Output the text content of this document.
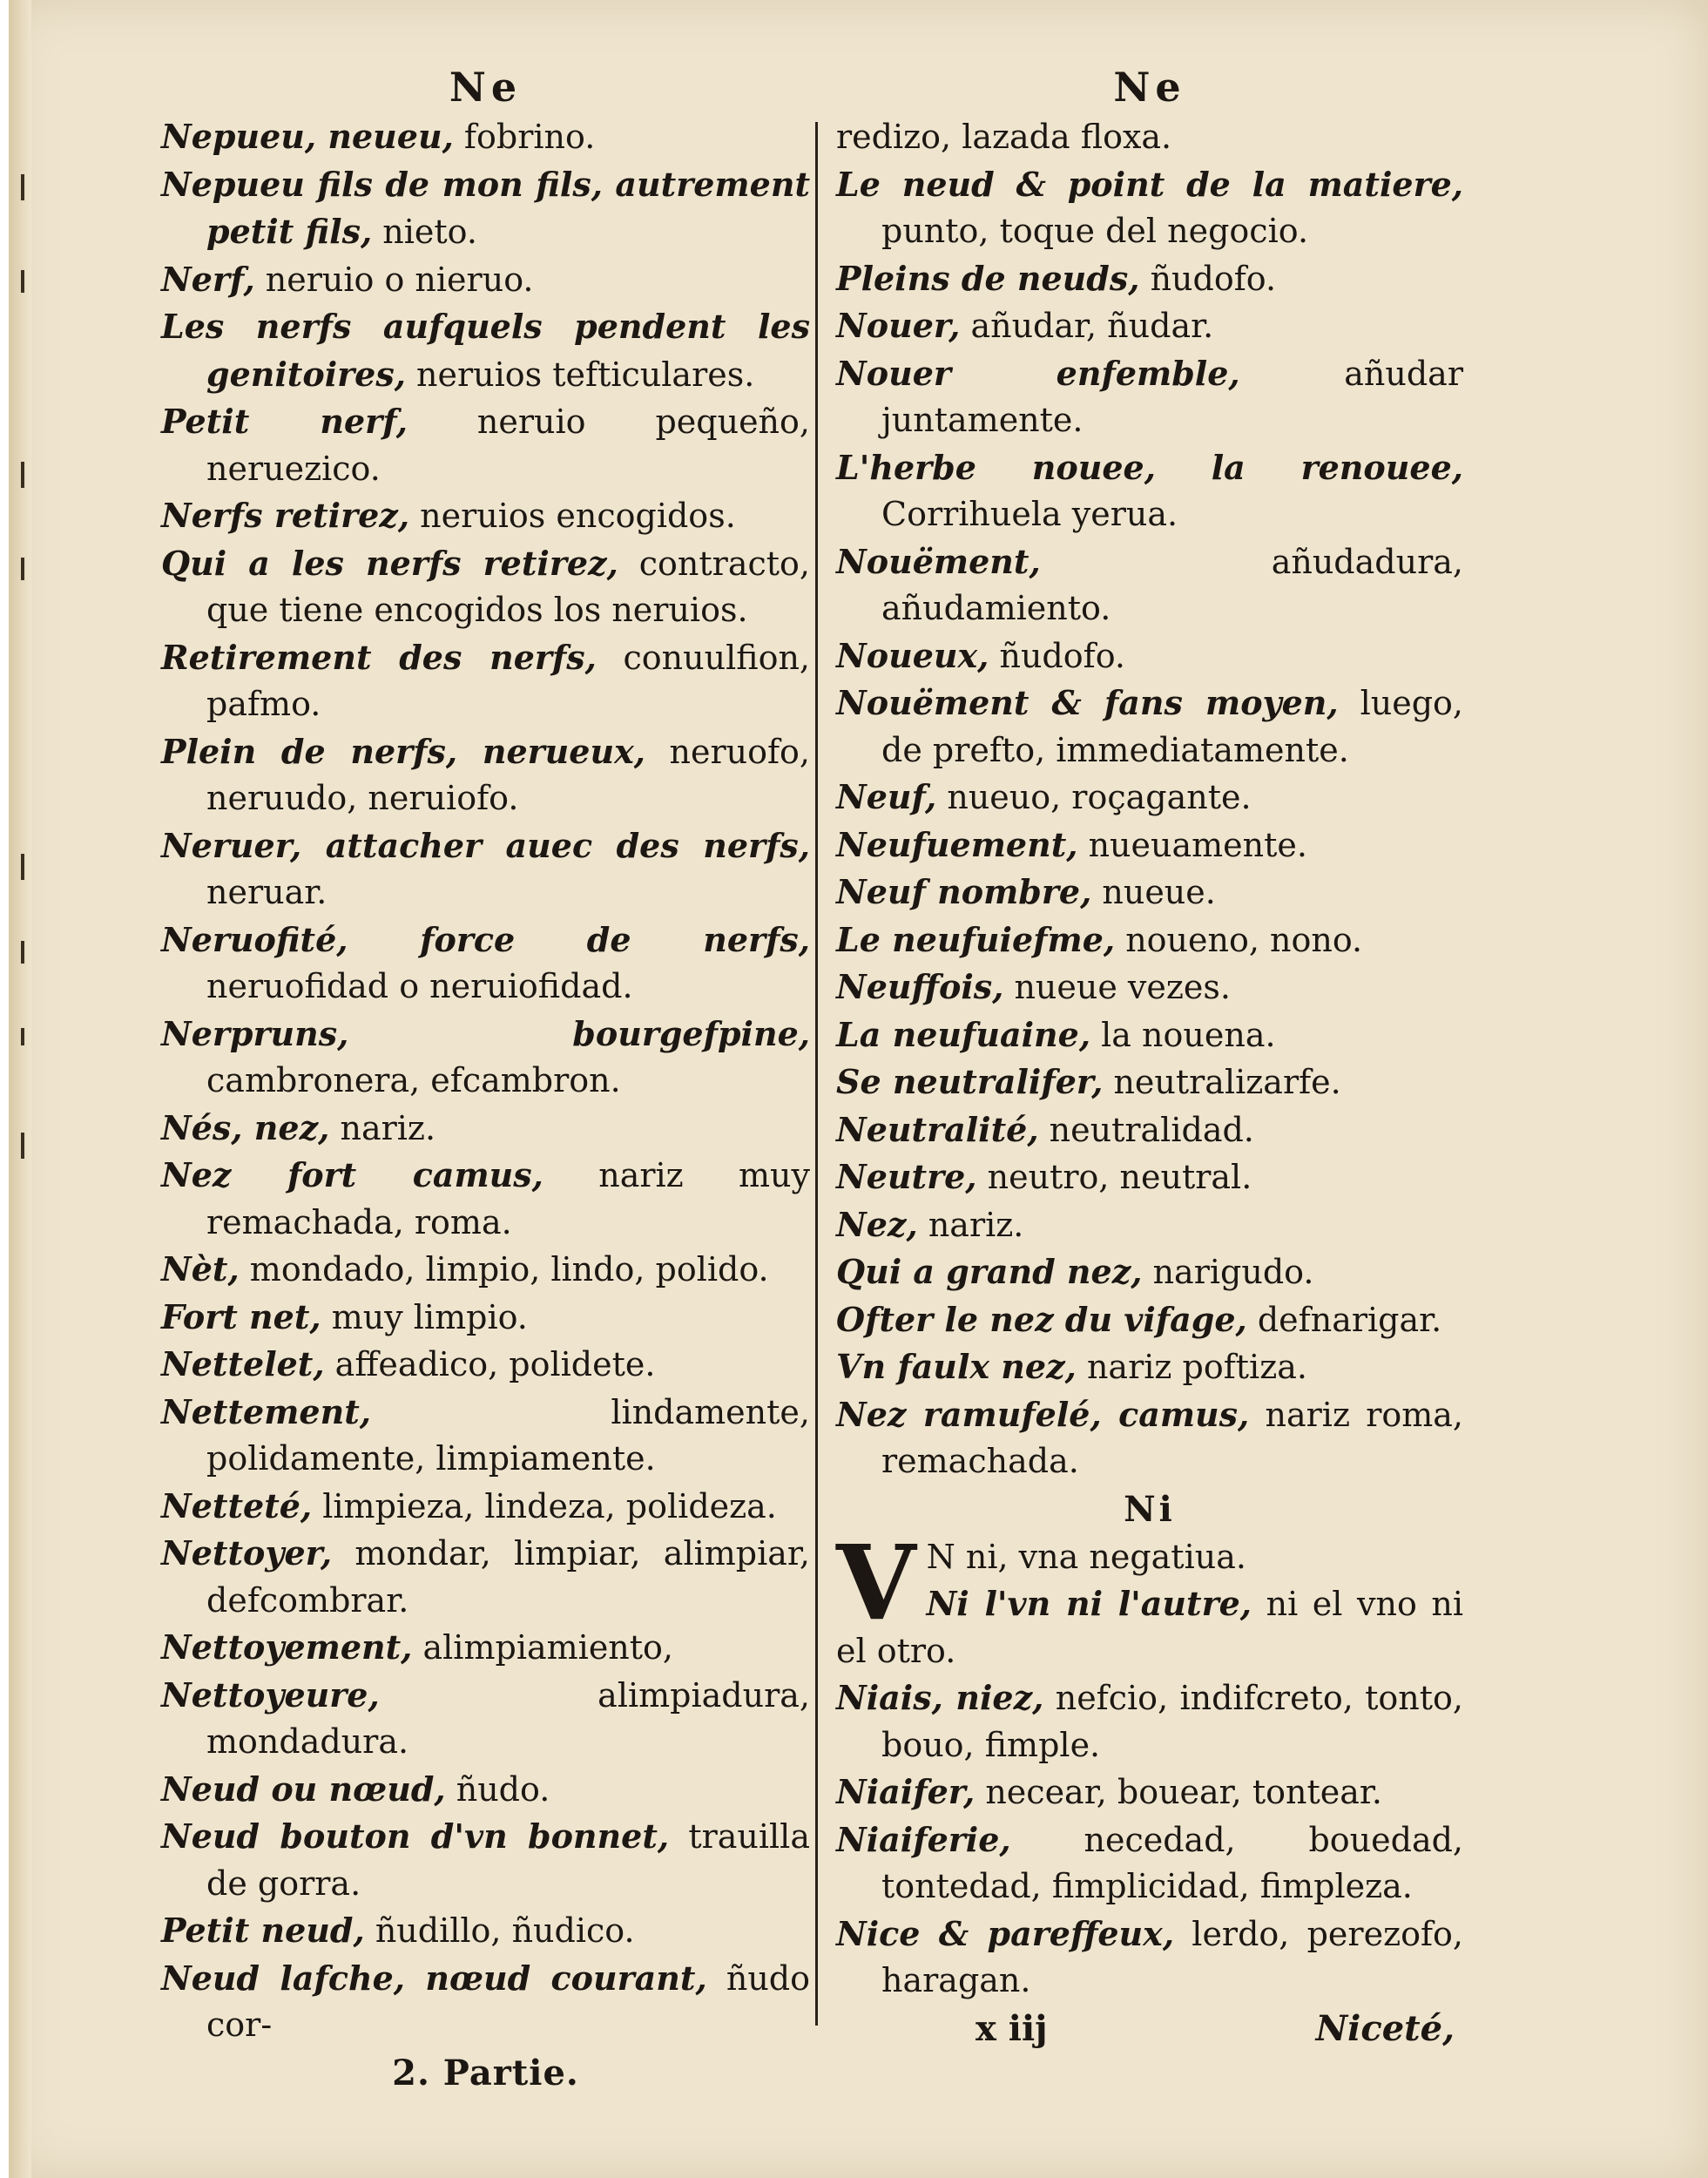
Ne
Nepueu, neueu, fobrino.
Nepueu fils de mon fils, autrement petit fils, nieto.
Nerf, neruio o nieruo.
Les nerfs aufquels pendent les genitoires, neruios tefticulares.
Petit nerf, neruio pequeño, neruezico.
Nerfs retirez, neruios encogidos.
Qui a les nerfs retirez, contracto, que tiene encogidos los neruios.
Retirement des nerfs, conuulfion, pafmo.
Plein de nerfs, nerueux, neruofo, neruudo, neruiofo.
Neruer, attacher auec des nerfs, neruar.
Neruofité, force de nerfs, neruofidad o neruiofidad.
Nerpruns, bourgefpine, cambronera, efcambron.
Nés, nez, nariz.
Nez fort camus, nariz muy remachada, roma.
Nèt, mondado, limpio, lindo, polido.
Fort net, muy limpio.
Nettelet, affeadico, polidete.
Nettement, lindamente, polidamente, limpiamente.
Netteté, limpieza, lindeza, polideza.
Nettoyer, mondar, limpiar, alimpiar, defcombrar.
Nettoyement, alimpiamiento,
Nettoyeure, alimpiadura, mondadura.
Neud ou nœud, ñudo.
Neud bouton d'vn bonnet, trauilla de gorra.
Petit neud, ñudillo, ñudico.
Neud lafche, nœud courant, ñudo cor-
2. Partie.
Ne
redizo, lazada floxa.
Le neud & point de la matiere, punto, toque del negocio.
Pleins de neuds, ñudofo.
Nouer, añudar, ñudar.
Nouer enfemble, añudar juntamente.
L'herbe nouee, la renouee, Corrihuela yerua.
Nouëment, añudadura, añudamiento.
Noueux, ñudofo.
Nouëment & fans moyen, luego, de prefto, immediatamente.
Neuf, nueuo, roçagante.
Neufuement, nueuamente.
Neuf nombre, nueue.
Le neufuiefme, noueno, nono.
Neuffois, nueue vezes.
La neufuaine, la nouena.
Se neutralifer, neutralizarfe.
Neutralité, neutralidad.
Neutre, neutro, neutral.
Nez, nariz.
Qui a grand nez, narigudo.
Ofter le nez du vifage, defnarigar.
Vn faulx nez, nariz poftiza.
Nez ramufelé, camus, nariz roma, remachada.
Ni
V N ni, vna negatiua.
Ni l'vn ni l'autre, ni el vno ni el otro.
Niais, niez, nefcio, indifcreto, tonto, bouo, fimple.
Niaifer, necear, bouear, tontear.
Niaiferie, necedad, bouedad, tontedad, fimplicidad, fimpleza.
Nice & pareffeux, lerdo, perezofo, haragan.
x iij	Niceté,
